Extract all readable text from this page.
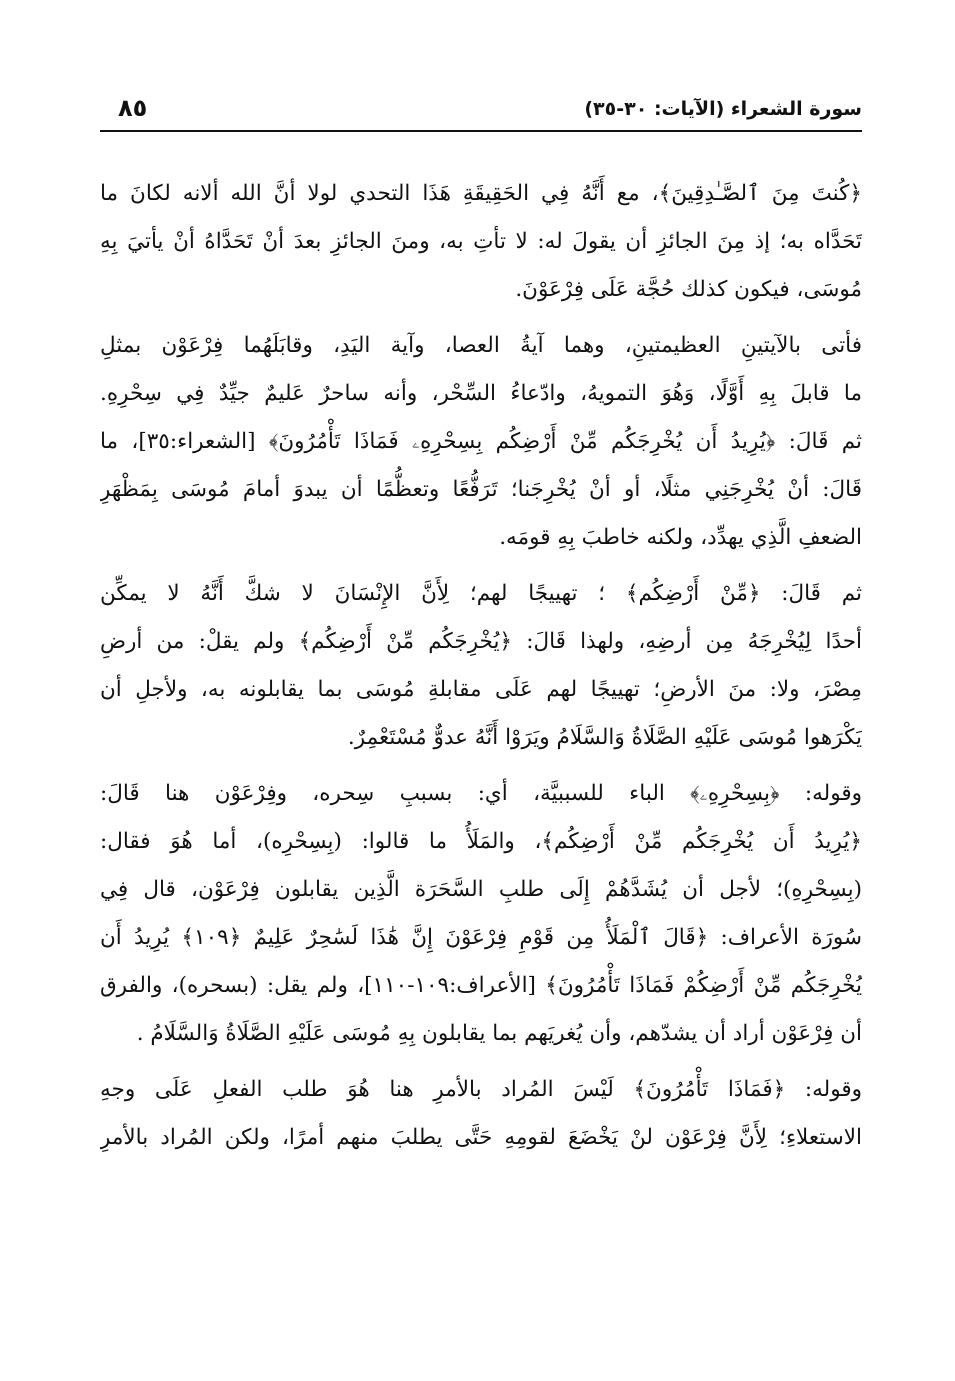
سورة الشعراء (الآيات: ٣٠-٣٥)
٨٥
﴿كُنتَ مِنَ ٱلصَّـٰدِقِينَ﴾، مع أَنَّهُ فِي الحَقِيقَةِ هَذَا التحدي لولا أنَّ الله ألانه لكانَ ما
تَحَدَّاه به؛ إذ مِنَ الجائزِ أن يقولَ له: لا تأتِ به، ومنَ الجائزِ بعدَ أنْ تَحَدَّاهُ أنْ يأتيَ بِهِ
مُوسَى، فيكون كذلك حُجَّة عَلَى فِرْعَوْنَ.
فأتى بالآيتينِ العظيمتينِ، وهما آيةُ العصا، وآية اليَدِ، وقابَلَهُما فِرْعَوْن بمثلِ
ما قابلَ بِهِ أَوَّلًا، وَهُوَ التمويهُ، وادّعاءُ السِّحْر، وأنه ساحرٌ عَليمٌ جيِّدٌ فِي سِحْرِهِ.
ثم قَالَ: ﴿يُرِيدُ أَن يُخْرِجَكُم مِّنْ أَرْضِكُم بِسِحْرِهِۦ فَمَاذَا تَأْمُرُونَ﴾ [الشعراء:٣٥]، ما
قَالَ: أنْ يُخْرِجَنِي مثلًا، أو أنْ يُخْرِجَنا؛ تَرَفُّعًا وتعظُّمًا أن يبدوَ أمامَ مُوسَى بِمَظْهَرِ
الضعفِ الَّذِي يهدِّد، ولكنه خاطبَ بِهِ قومَه.
ثم قَالَ: ﴿مِّنْ أَرْضِكُم﴾ ؛ تهييجًا لهم؛ لِأَنَّ الإِنْسَانَ لا شكَّ أَنَّهُ لا يمكِّن
أحدًا لِيُخْرِجَهُ مِن أرضِهِ، ولهذا قَالَ: ﴿يُخْرِجَكُم مِّنْ أَرْضِكُم﴾ ولم يقلْ: من أرضِ
مِصْرَ، ولا: منَ الأرضِ؛ تهييجًا لهم عَلَى مقابلةِ مُوسَى بما يقابلونه به، ولأجلِ أن
يَكْرَهوا مُوسَى عَلَيْهِ الصَّلَاةُ وَالسَّلَامُ ويَرَوْا أَنَّهُ عدوٌّ مُسْتَعْمِرٌ.
وقوله: ﴿بِسِحْرِهِۦ﴾ الباء للسببيَّة، أي: بسببِ سِحره، وفِرْعَوْن هنا قَالَ:
﴿يُرِيدُ أَن يُخْرِجَكُم مِّنْ أَرْضِكُم﴾، والمَلَأُ ما قالوا: (بِسِحْرِه)، أما هُوَ فقال:
(بِسِحْرِهِ)؛ لأجل أن يُشَدَّهُمْ إِلَى طلبِ السَّحَرَة الَّذِين يقابلون فِرْعَوْن، قال فِي
سُورَة الأعراف: ﴿قَالَ ٱلْمَلَأُ مِن قَوْمِ فِرْعَوْنَ إِنَّ هَٰذَا لَسَٰحِرٌ عَلِيمٌ ﴿١٠٩﴾ يُرِيدُ أَن
يُخْرِجَكُم مِّنْ أَرْضِكُمْ فَمَاذَا تَأْمُرُونَ﴾ [الأعراف:١٠٩-١١٠]، ولم يقل: (بسحره)، والفرق
أن فِرْعَوْن أراد أن يشدّهم، وأن يُغريَهم بما يقابلون بِهِ مُوسَى عَلَيْهِ الصَّلَاةُ وَالسَّلَامُ .
وقوله: ﴿فَمَاذَا تَأْمُرُونَ﴾ لَيْسَ المُراد بالأمرِ هنا هُوَ طلب الفعلِ عَلَى وجهِ
الاستعلاءِ؛ لِأَنَّ فِرْعَوْن لنْ يَخْضَعَ لقومِهِ حَتَّى يطلبَ منهم أمرًا، ولكن المُراد بالأمرِ
